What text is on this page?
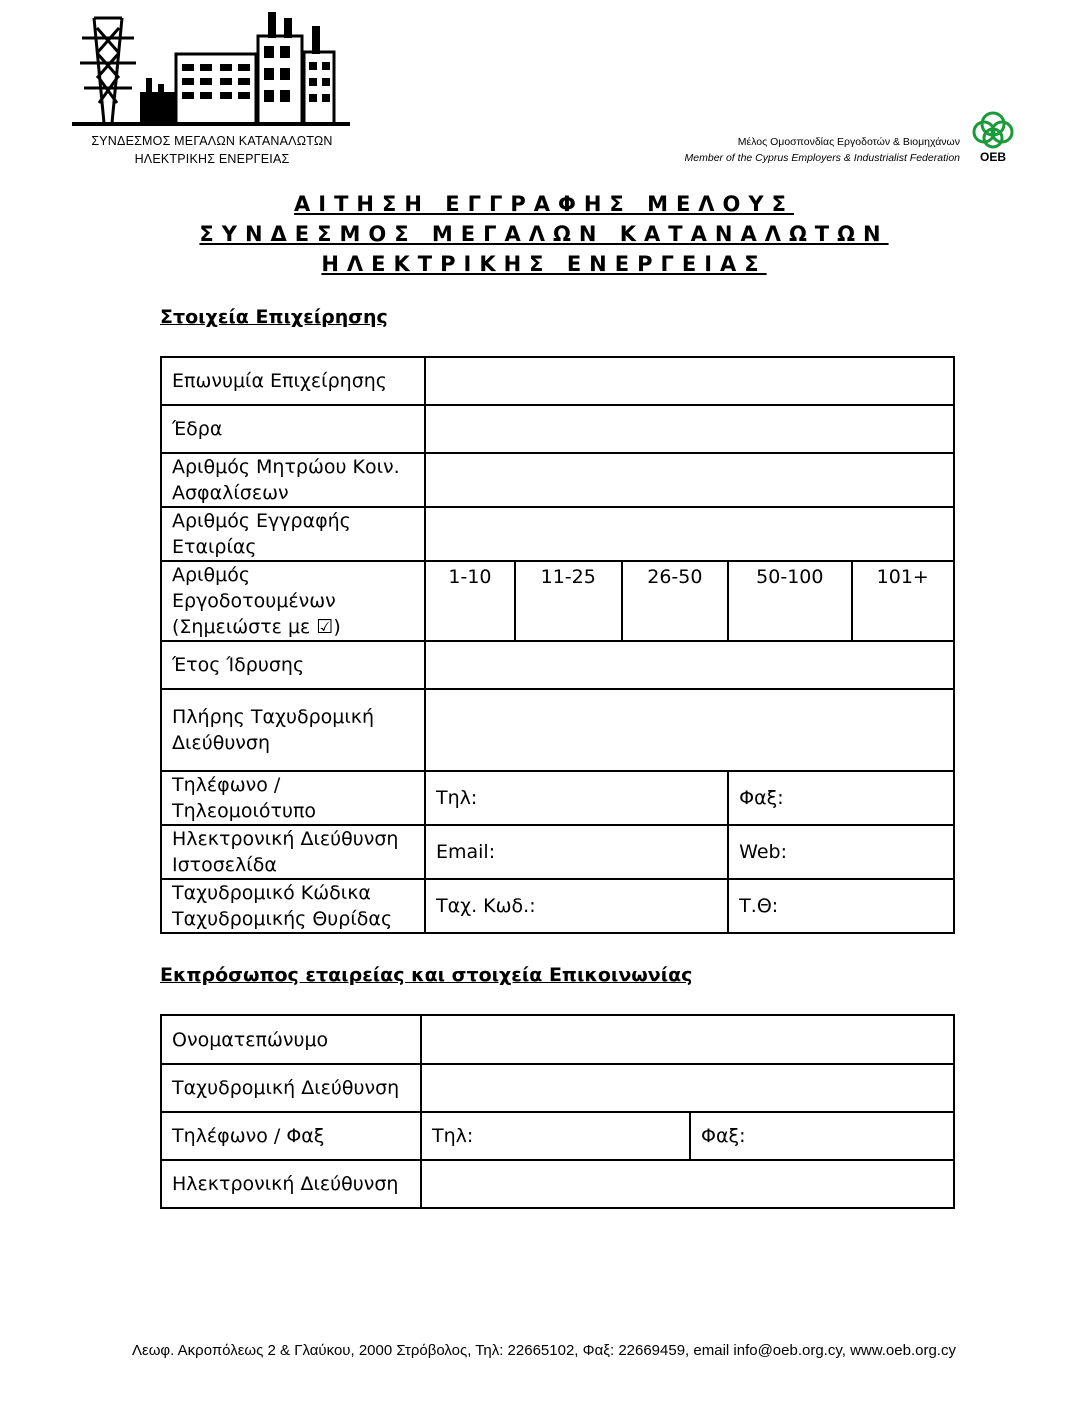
ΣΥΝΔΕΣΜΟΣ ΜΕΓΑΛΩΝ ΚΑΤΑΝΑΛΩΤΩΝ
ΗΛΕΚΤΡΙΚΗΣ ΕΝΕΡΓΕΙΑΣ
Μέλος Ομοσπονδίας Εργοδοτών & Βιομηχάνων
Member of the Cyprus Employers & Industrialist Federation	OEB
ΑΙΤΗΣΗ ΕΓΓΡΑΦΗΣ ΜΕΛΟΥΣ
ΣΥΝΔΕΣΜΟΣ ΜΕΓΑΛΩΝ ΚΑΤΑΝΑΛΩΤΩΝ
ΗΛΕΚΤΡΙΚΗΣ ΕΝΕΡΓΕΙΑΣ
Στοιχεία Επιχείρησης
Επωνυμία Επιχείρησης					
Έδρα					
Αριθμός Μητρώου Κοιν. Ασφαλίσεων					
Αριθμός Εγγραφής Εταιρίας					
Αριθμός Εργοδοτουμένων (Σημειώστε με ☑)	1-10	11-25	26-50	50-100	101+
Έτος Ίδρυσης					
Πλήρης Ταχυδρομική Διεύθυνση					
Τηλέφωνο / Τηλεομοιότυπο	Τηλ:			Φαξ:	
Ηλεκτρονική Διεύθυνση Ιστοσελίδα	Email:			Web:	
Ταχυδρομικό Κώδικα Ταχυδρομικής Θυρίδας	Ταχ. Κωδ.:			Τ.Θ:	
Εκπρόσωπος εταιρείας και στοιχεία Επικοινωνίας
Ονοματεπώνυμο		
Ταχυδρομική Διεύθυνση		
Τηλέφωνο / Φαξ	Τηλ:	Φαξ:
Ηλεκτρονική Διεύθυνση		
Λεωφ. Ακροπόλεως 2 & Γλαύκου, 2000 Στρόβολος, Τηλ: 22665102, Φαξ: 22669459, email info@oeb.org.cy, www.oeb.org.cy
